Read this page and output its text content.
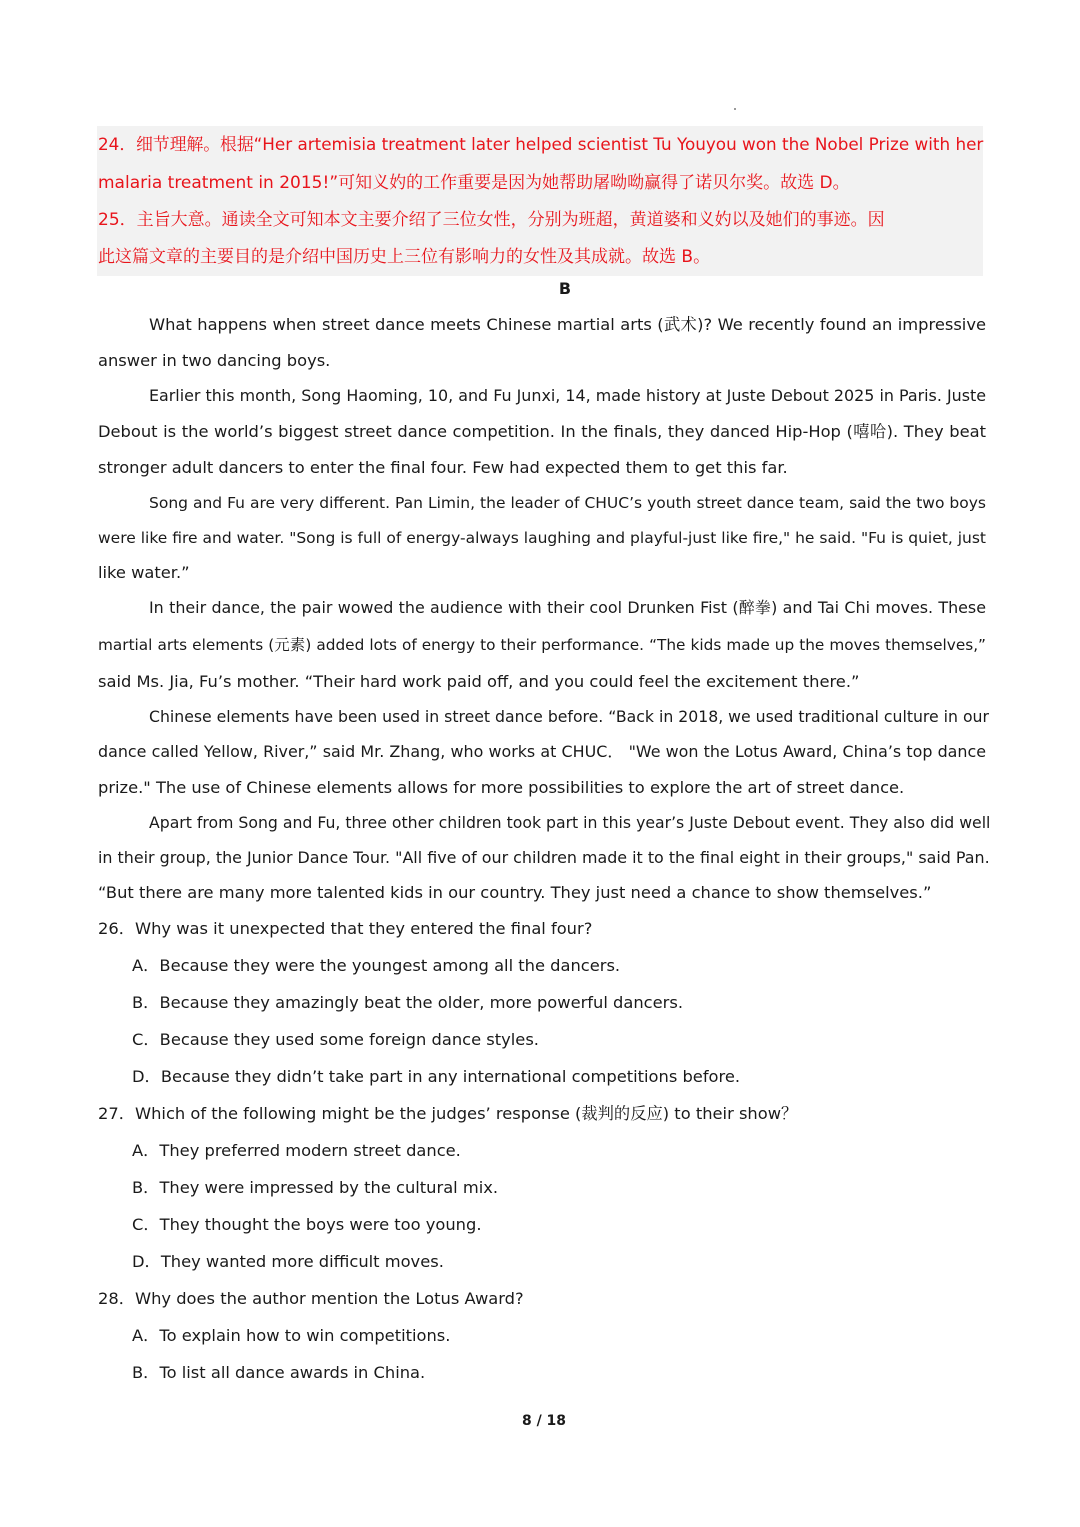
24．细节理解。根据“Her artemisia treatment later helped scientist Tu Youyou won the Nobel Prize with her
malaria treatment in 2015!”可知义妁的工作重要是因为她帮助屠呦呦赢得了诺贝尔奖。故选 D。
25．主旨大意。通读全文可知本文主要介绍了三位女性，分别为班超，黄道婆和义妁以及她们的事迹。因
此这篇文章的主要目的是介绍中国历史上三位有影响力的女性及其成就。故选 B。
B
What happens when street dance meets Chinese martial arts (武术)? We recently found an impressive
answer in two dancing boys.
Earlier this month, Song Haoming, 10, and Fu Junxi, 14, made history at Juste Debout 2025 in Paris. Juste
Debout is the world’s biggest street dance competition. In the finals, they danced Hip-Hop (嘻哈). They beat
stronger adult dancers to enter the final four. Few had expected them to get this far.
Song and Fu are very different. Pan Limin, the leader of CHUC’s youth street dance team, said the two boys
were like fire and water. "Song is full of energy-always laughing and playful-just like fire," he said. "Fu is quiet, just
like water.”
In their dance, the pair wowed the audience with their cool Drunken Fist (醉拳) and Tai Chi moves. These
martial arts elements (元素) added lots of energy to their performance. “The kids made up the moves themselves,”
said Ms. Jia, Fu’s mother. “Their hard work paid off, and you could feel the excitement there.”
Chinese elements have been used in street dance before. “Back in 2018, we used traditional culture in our
dance called Yellow, River,” said Mr. Zhang, who works at CHUC． "We won the Lotus Award, China’s top dance
prize." The use of Chinese elements allows for more possibilities to explore the art of street dance.
Apart from Song and Fu, three other children took part in this year’s Juste Debout event. They also did well
in their group, the Junior Dance Tour. "All five of our children made it to the final eight in their groups," said Pan.
“But there are many more talented kids in our country. They just need a chance to show themselves.”
26．Why was it unexpected that they entered the final four?
A．Because they were the youngest among all the dancers.
B．Because they amazingly beat the older, more powerful dancers.
C．Because they used some foreign dance styles.
D．Because they didn’t take part in any international competitions before.
27．Which of the following might be the judges’ response (裁判的反应) to their show？
A．They preferred modern street dance.
B．They were impressed by the cultural mix.
C．They thought the boys were too young.
D．They wanted more difficult moves.
28．Why does the author mention the Lotus Award?
A．To explain how to win competitions.
B．To list all dance awards in China.
8 / 18
